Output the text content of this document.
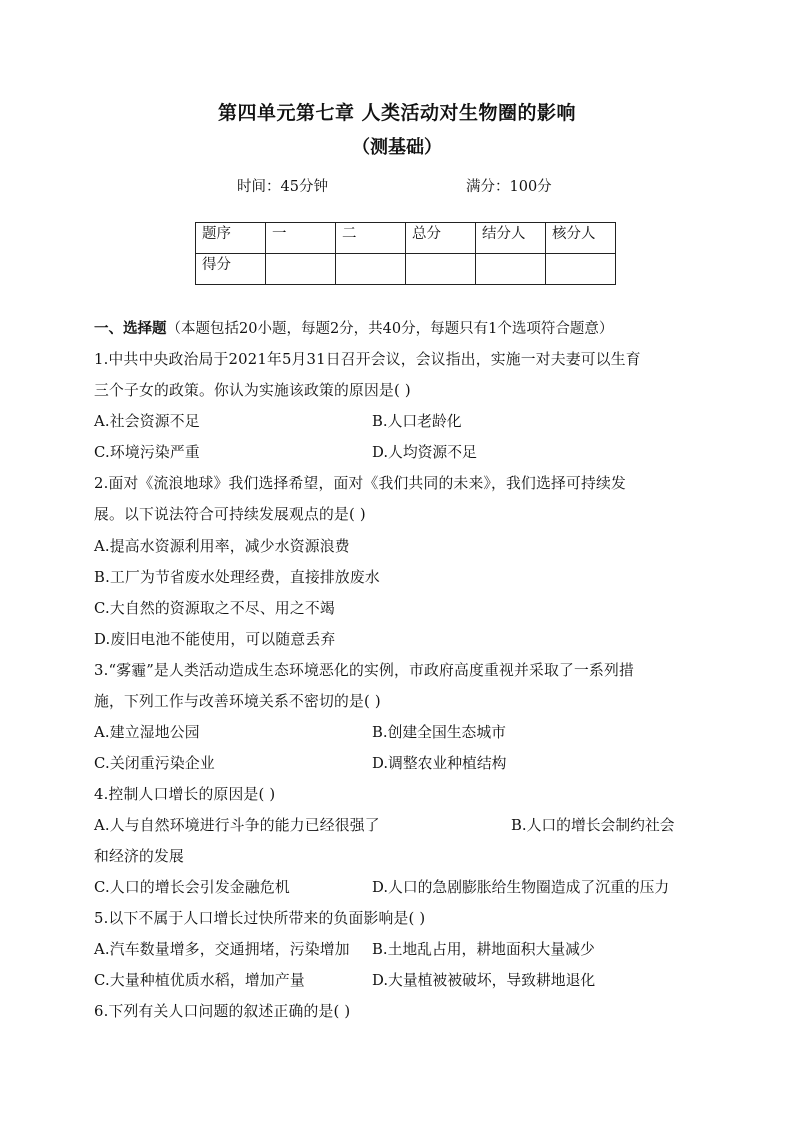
第四单元第七章 人类活动对生物圈的影响
（测基础）
时间：45分钟	满分：100分
题序	一	二	总分	结分人	核分人
得分					
一、选择题（本题包括20小题，每题2分，共40分，每题只有1个选项符合题意）
1.中共中央政治局于2021年5月31日召开会议，会议指出，实施一对夫妻可以生育
三个子女的政策。你认为实施该政策的原因是( )
A.社会资源不足	B.人口老龄化
C.环境污染严重	D.人均资源不足
2.面对《流浪地球》我们选择希望，面对《我们共同的未来》，我们选择可持续发
展。以下说法符合可持续发展观点的是( )
A.提高水资源利用率，减少水资源浪费
B.工厂为节省废水处理经费，直接排放废水
C.大自然的资源取之不尽、用之不竭
D.废旧电池不能使用，可以随意丢弃
3.“雾霾”是人类活动造成生态环境恶化的实例，市政府高度重视并采取了一系列措
施，下列工作与改善环境关系不密切的是( )
A.建立湿地公园	B.创建全国生态城市
C.关闭重污染企业	D.调整农业种植结构
4.控制人口增长的原因是( )
A.人与自然环境进行斗争的能力已经很强了	B.人口的增长会制约社会
和经济的发展
C.人口的增长会引发金融危机	D.人口的急剧膨胀给生物圈造成了沉重的压力
5.以下不属于人口增长过快所带来的负面影响是( )
A.汽车数量增多，交通拥堵，污染增加 B.土地乱占用，耕地面积大量减少
C.大量种植优质水稻，增加产量	D.大量植被被破坏，导致耕地退化
6.下列有关人口问题的叙述正确的是( )
